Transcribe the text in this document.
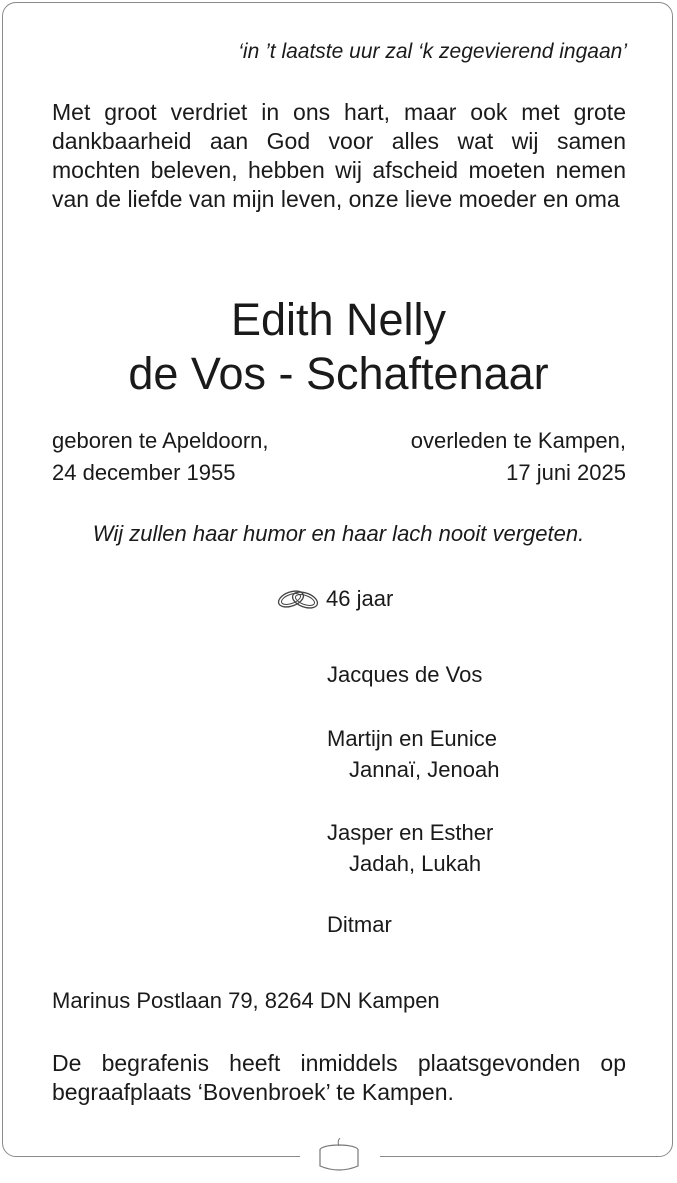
‘in ’t laatste uur zal ‘k zegevierend ingaan’
Met groot verdriet in ons hart, maar ook met grote dankbaarheid aan God voor alles wat wij samen mochten beleven, hebben wij afscheid moeten nemen van de liefde van mijn leven, onze lieve moeder en oma
Edith Nelly
de Vos - Schaftenaar
geboren te Apeldoorn,
24 december 1955
overleden te Kampen,
17 juni 2025
Wij zullen haar humor en haar lach nooit vergeten.
46 jaar
Jacques de Vos
Martijn en Eunice
Jannaï, Jenoah
Jasper en Esther
Jadah, Lukah
Ditmar
Marinus Postlaan 79, 8264 DN Kampen
De begrafenis heeft inmiddels plaatsgevonden op begraafplaats ‘Bovenbroek’ te Kampen.
